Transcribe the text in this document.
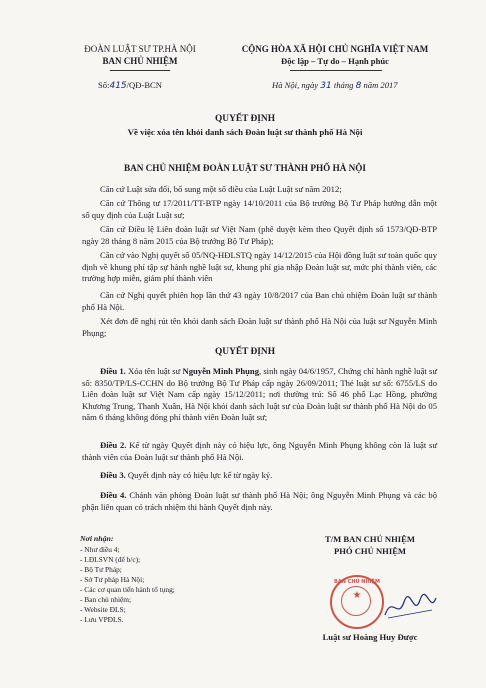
ĐOÀN LUẬT SƯ TP.HÀ NỘI
BAN CHỦ NHIỆM
Số:415/QĐ-BCN
CỘNG HÒA XÃ HỘI CHỦ NGHĨA VIỆT NAM
Độc lập – Tự do – Hạnh phúc
Hà Nội, ngày 31 tháng 8 năm 2017
QUYẾT ĐỊNH
Về việc xóa tên khỏi danh sách Đoàn luật sư thành phố Hà Nội
BAN CHỦ NHIỆM ĐOÀN LUẬT SƯ THÀNH PHỐ HÀ NỘI
Căn cứ Luật sửa đổi, bổ sung một số điều của Luật Luật sư năm 2012;
Căn cứ Thông tư 17/2011/TT-BTP ngày 14/10/2011 của Bộ trưởng Bộ Tư Pháp hướng dẫn một số quy định của Luật Luật sư;
Căn cứ Điều lệ Liên đoàn luật sư Việt Nam (phê duyệt kèm theo Quyết định số 1573/QĐ-BTP ngày 28 tháng 8 năm 2015 của Bộ trưởng Bộ Tư Pháp);
Căn cứ vào Nghị quyết số 05/NQ-HĐLSTQ ngày 14/12/2015 của Hội đồng luật sư toàn quốc quy định về khung phí tập sự hành nghề luật sư, khung phí gia nhập Đoàn luật sư, mức phí thành viên, các trường hợp miễn, giảm phí thành viên
Căn cứ Nghị quyết phiên họp lần thứ 43 ngày 10/8/2017 của Ban chủ nhiệm Đoàn luật sư thành phố Hà Nội.
Xét đơn đề nghị rút tên khỏi danh sách Đoàn luật sư thành phố Hà Nội của luật sư Nguyễn Minh Phụng;
QUYẾT ĐỊNH
Điều 1. Xóa tên luật sư Nguyễn Minh Phụng, sinh ngày 04/6/1957, Chứng chỉ hành nghề luật sư số: 8350/TP/LS-CCHN do Bộ trưởng Bộ Tư Pháp cấp ngày 26/09/2011; Thẻ luật sư số: 6755/LS do Liên đoàn luật sư Việt Nam cấp ngày 15/12/2011; nơi thường trú: Số 46 phố Lạc Hồng, phường Khương Trung, Thanh Xuân, Hà Nội khỏi danh sách luật sư của Đoàn luật sư thành phố Hà Nội do 05 năm 6 tháng không đóng phí thành viên Đoàn luật sư;
Điều 2. Kể từ ngày Quyết định này có hiệu lực, ông Nguyễn Minh Phụng không còn là luật sư thành viên của Đoàn luật sư thành phố Hà Nội.
Điều 3. Quyết định này có hiệu lực kể từ ngày ký.
Điều 4. Chánh văn phòng Đoàn luật sư thành phố Hà Nội; ông Nguyễn Minh Phụng và các bộ phận liên quan có trách nhiệm thi hành Quyết định này.
Nơi nhận:
- Như điều 4;
- LĐLSVN (để b/c);
- Bộ Tư Pháp;
- Sở Tư pháp Hà Nội;
- Các cơ quan tiến hành tố tụng;
- Ban chủ nhiệm;
- Website ĐLS;
- Lưu VPĐLS.
T/M BAN CHỦ NHIỆM
PHÓ CHỦ NHIỆM
BAN CHỦ NHIỆM
★
Luật sư Hoàng Huy Được
